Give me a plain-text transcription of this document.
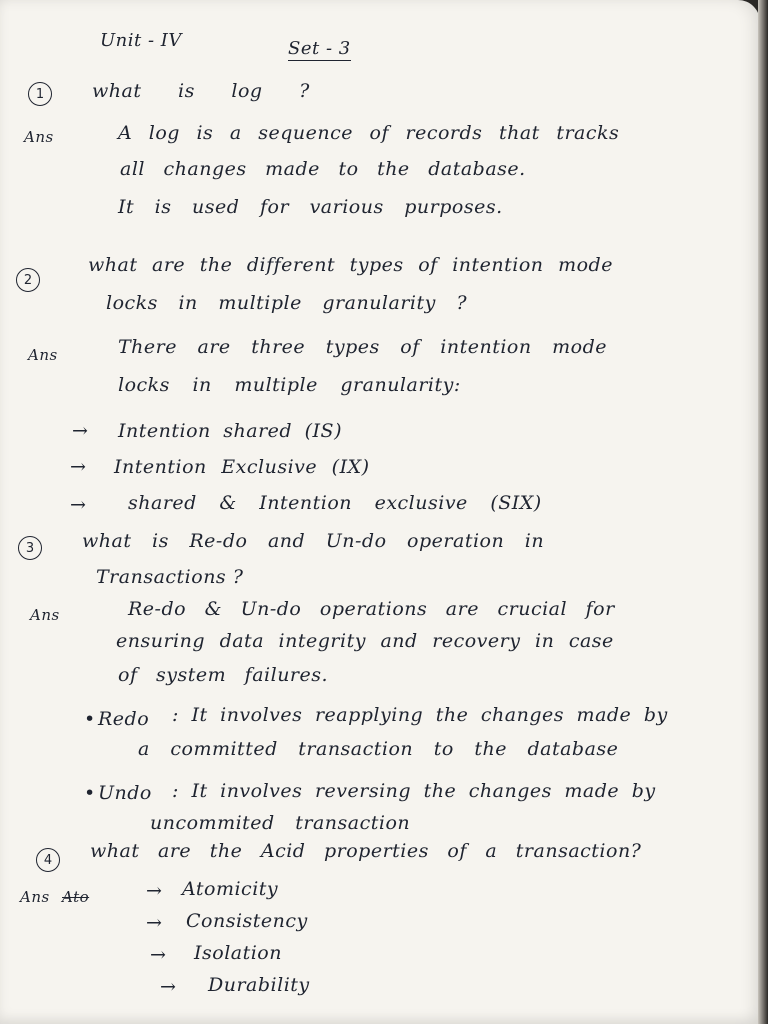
Unit - IV	Set - 3
1	what is log ?
Ans	A log is a sequence of records that tracks
all changes made to the database.
It is used for various purposes.
2
what are the different types of intention mode
locks in multiple granularity ?
Ans	There are three types of intention mode
locks in multiple granularity:
→ Intention shared (IS)
→ Intention Exclusive (IX)
→ shared & Intention exclusive (SIX)
3	what is Re-do and Un-do operation in
Transactions ?
Ans	Re-do & Un-do operations are crucial for
ensuring data integrity and recovery in case
of system failures.
• Redo : It involves reapplying the changes made by
a committed transaction to the database
• Undo : It involves reversing the changes made by
uncommited transaction
4	what are the Acid properties of a transaction?
Ans Ato	→ Atomicity
→ Consistency
→ Isolation
→ Durability
